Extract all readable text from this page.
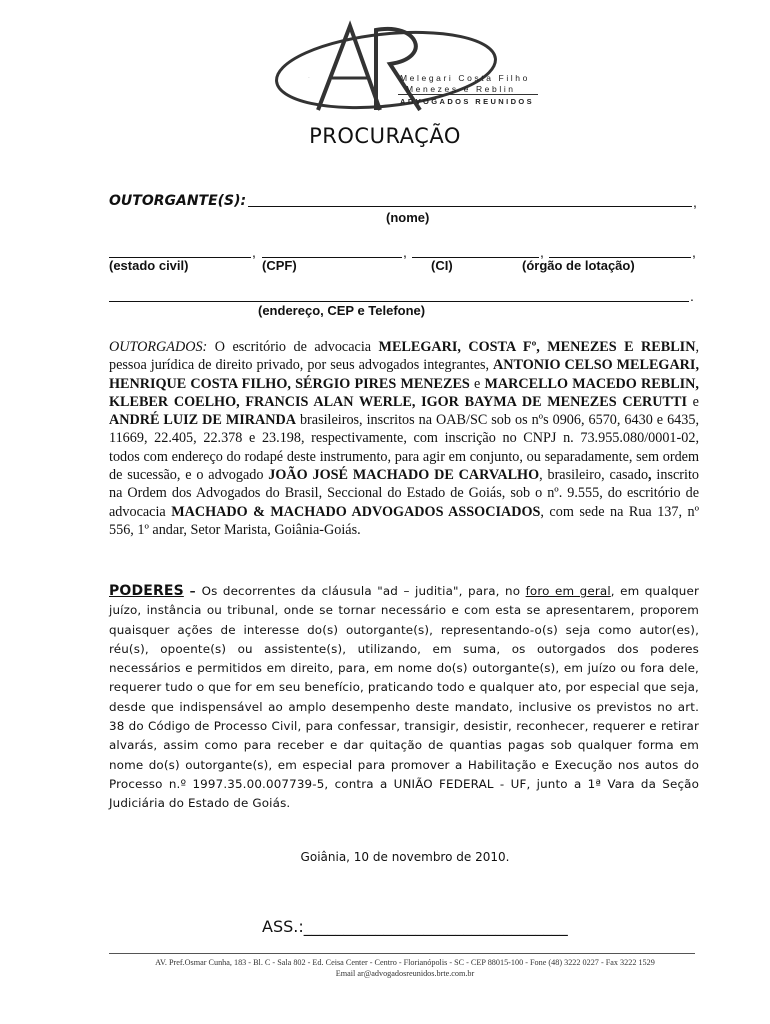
AR	Melegari Costa Filho
Menezes e Reblin
ADVOGADOS REUNIDOS
PROCURAÇÃO
OUTORGANTE(S):	,
(nome)
,	,	,	,
(estado civil)	(CPF)	(CI)	(órgão de lotação)
.
(endereço, CEP e Telefone)
OUTORGADOS: O escritório de advocacia MELEGARI, COSTA Fº, MENEZES E REBLIN, pessoa jurídica de direito privado, por seus advogados integrantes, ANTONIO CELSO MELEGARI, HENRIQUE COSTA FILHO, SÉRGIO PIRES MENEZES e MARCELLO MACEDO REBLIN, KLEBER COELHO, FRANCIS ALAN WERLE, IGOR BAYMA DE MENEZES CERUTTI e ANDRÉ LUIZ DE MIRANDA brasileiros, inscritos na OAB/SC sob os nºs 0906, 6570, 6430 e 6435, 11669, 22.405, 22.378 e 23.198, respectivamente, com inscrição no CNPJ n. 73.955.080/0001-02, todos com endereço do rodapé deste instrumento, para agir em conjunto, ou separadamente, sem ordem de sucessão, e o advogado JOÃO JOSÉ MACHADO DE CARVALHO, brasileiro, casado, inscrito na Ordem dos Advogados do Brasil, Seccional do Estado de Goiás, sob o nº. 9.555, do escritório de advocacia MACHADO & MACHADO ADVOGADOS ASSOCIADOS, com sede na Rua 137, nº 556, 1º andar, Setor Marista, Goiânia-Goiás.
PODERES – Os decorrentes da cláusula "ad – juditia", para, no foro em geral, em qualquer juízo, instância ou tribunal, onde se tornar necessário e com esta se apresentarem, proporem quaisquer ações de interesse do(s) outorgante(s), representando-o(s) seja como autor(es), réu(s), opoente(s) ou assistente(s), utilizando, em suma, os outorgados dos poderes necessários e permitidos em direito, para, em nome do(s) outorgante(s), em juízo ou fora dele, requerer tudo o que for em seu benefício, praticando todo e qualquer ato, por especial que seja, desde que indispensável ao amplo desempenho deste mandato, inclusive os previstos no art. 38 do Código de Processo Civil, para confessar, transigir, desistir, reconhecer, requerer e retirar alvarás, assim como para receber e dar quitação de quantias pagas sob qualquer forma em nome do(s) outorgante(s), em especial para promover a Habilitação e Execução nos autos do Processo n.º 1997.35.00.007739-5, contra a UNIÃO FEDERAL - UF, junto a 1ª Vara da Seção Judiciária do Estado de Goiás.
Goiânia, 10 de novembro de 2010.
ASS.:_________________________________
AV. Pref.Osmar Cunha, 183 - Bl. C - Sala 802 - Ed. Ceisa Center - Centro - Florianópolis - SC - CEP 88015-100 - Fone (48) 3222 0227 - Fax 3222 1529
Email ar@advogadosreunidos.brte.com.br
